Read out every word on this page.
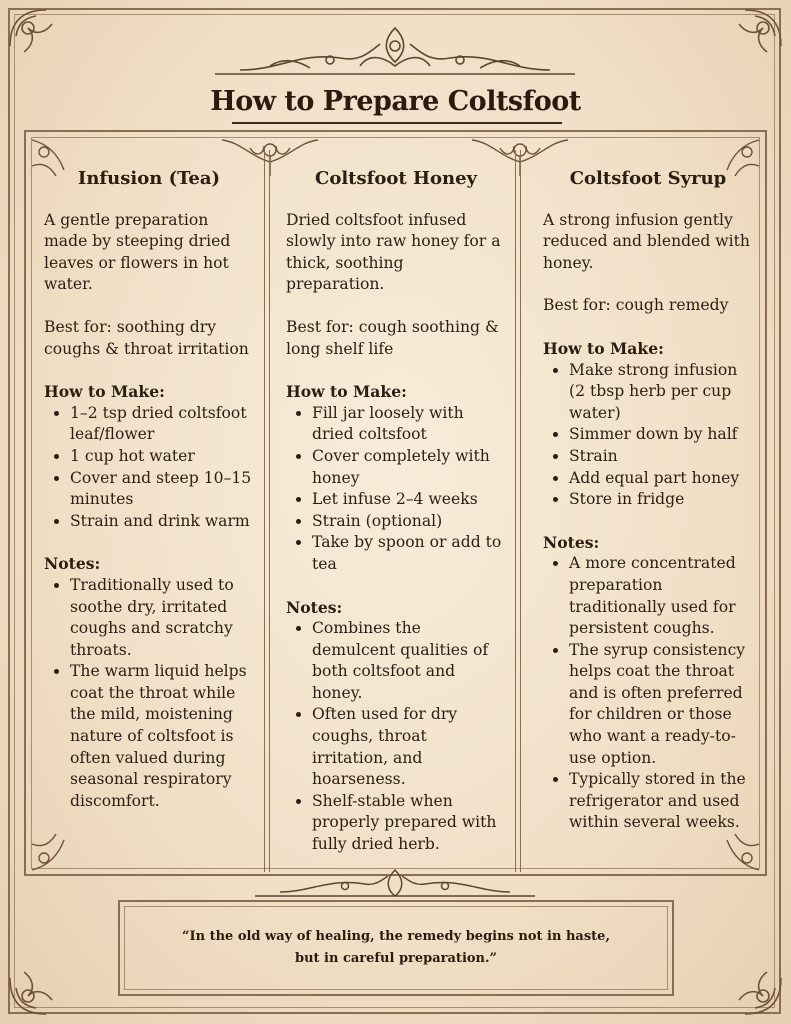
How to Prepare Coltsfoot
Infusion (Tea)

A gentle preparation made by steeping dried leaves or flowers in hot water.

Best for: soothing dry coughs & throat irritation

How to Make:
• 1–2 tsp dried coltsfoot leaf/flower
• 1 cup hot water
• Cover and steep 10–15 minutes
• Strain and drink warm
Notes:
• Traditionally used to soothe dry, irritated coughs and scratchy throats.
• The warm liquid helps coat the throat while the mild, moistening nature of coltsfoot is often valued during seasonal respiratory discomfort.
Coltsfoot Honey

Dried coltsfoot infused slowly into raw honey for a thick, soothing preparation.

Best for: cough soothing & long shelf life

How to Make:
• Fill jar loosely with dried coltsfoot
• Cover completely with honey
• Let infuse 2–4 weeks
• Strain (optional)
• Take by spoon or add to tea
Notes:
• Combines the demulcent qualities of both coltsfoot and honey.
• Often used for dry coughs, throat irritation, and hoarseness.
• Shelf-stable when properly prepared with fully dried herb.
Coltsfoot Syrup

A strong infusion gently reduced and blended with honey.

Best for: cough remedy

How to Make:
• Make strong infusion (2 tbsp herb per cup water)
• Simmer down by half
• Strain
• Add equal part honey
• Store in fridge
Notes:
• A more concentrated preparation traditionally used for persistent coughs.
• The syrup consistency helps coat the throat and is often preferred for children or those who want a ready-to-use option.
• Typically stored in the refrigerator and used within several weeks.
“In the old way of healing, the remedy begins not in haste,
but in careful preparation.”
